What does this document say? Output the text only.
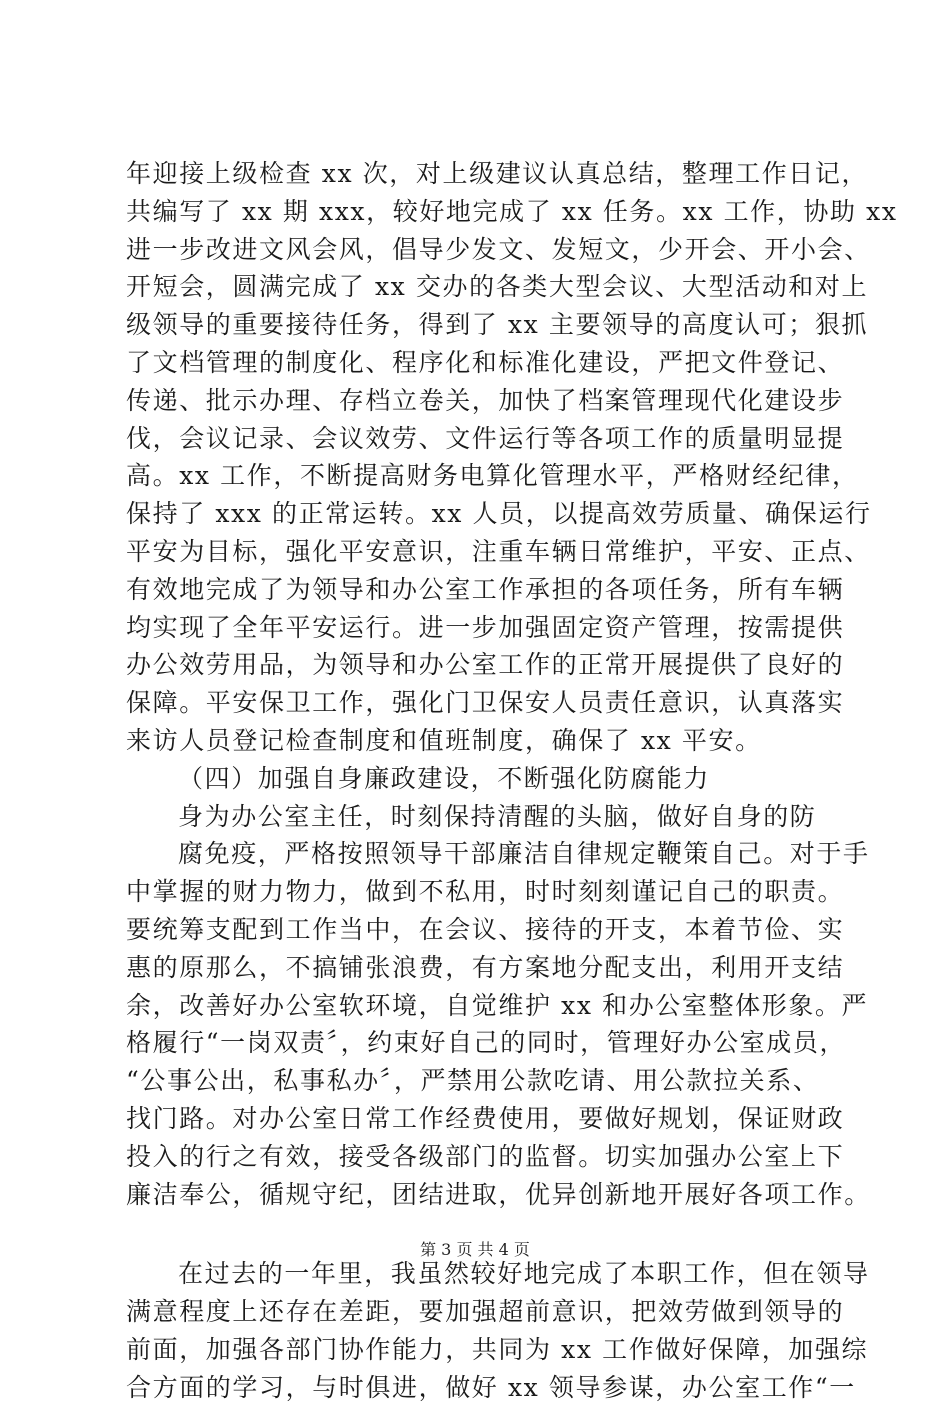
年迎接上级检查 xx 次，对上级建议认真总结，整理工作日记，
共编写了 xx 期 xxx，较好地完成了 xx 任务。xx 工作，协助 xx
进一步改进文风会风，倡导少发文、发短文，少开会、开小会、
开短会，圆满完成了 xx 交办的各类大型会议、大型活动和对上
级领导的重要接待任务，得到了 xx 主要领导的高度认可；狠抓
了文档管理的制度化、程序化和标准化建设，严把文件登记、
传递、批示办理、存档立卷关，加快了档案管理现代化建设步
伐，会议记录、会议效劳、文件运行等各项工作的质量明显提
高。xx 工作，不断提高财务电算化管理水平，严格财经纪律，
保持了 xxx 的正常运转。xx 人员，以提高效劳质量、确保运行
平安为目标，强化平安意识，注重车辆日常维护，平安、正点、
有效地完成了为领导和办公室工作承担的各项任务，所有车辆
均实现了全年平安运行。进一步加强固定资产管理，按需提供
办公效劳用品，为领导和办公室工作的正常开展提供了良好的
保障。平安保卫工作，强化门卫保安人员责任意识，认真落实
来访人员登记检查制度和值班制度，确保了 xx 平安。
（四）加强自身廉政建设，不断强化防腐能力
身为办公室主任，时刻保持清醒的头脑，做好自身的防
腐免疫，严格按照领导干部廉洁自律规定鞭策自己。对于手
中掌握的财力物力，做到不私用，时时刻刻谨记自己的职责。
要统筹支配到工作当中，在会议、接待的开支，本着节俭、实
惠的原那么，不搞铺张浪费，有方案地分配支出，利用开支结
余，改善好办公室软环境，自觉维护 xx 和办公室整体形象。严
格履行“一岗双责〞，约束好自己的同时，管理好办公室成员，
“公事公出，私事私办〞，严禁用公款吃请、用公款拉关系、
找门路。对办公室日常工作经费使用，要做好规划，保证财政
投入的行之有效，接受各级部门的监督。切实加强办公室上下
廉洁奉公，循规守纪，团结进取，优异创新地开展好各项工作。
在过去的一年里，我虽然较好地完成了本职工作，但在领导
满意程度上还存在差距，要加强超前意识，把效劳做到领导的
前面，加强各部门协作能力，共同为 xx 工作做好保障，加强综
合方面的学习，与时俱进，做好 xx 领导参谋，办公室工作“一
第 3 页 共 4 页
